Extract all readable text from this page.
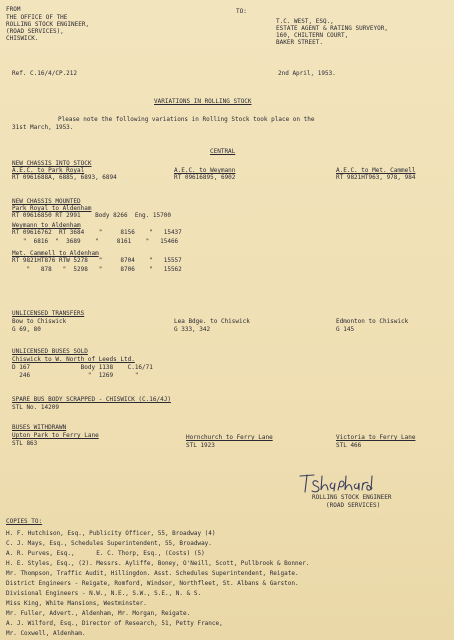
FROM
THE OFFICE OF THE
ROLLING STOCK ENGINEER,
(ROAD SERVICES),
CHISWICK.
TO:
T.C. WEST, ESQ.,
ESTATE AGENT & RATING SURVEYOR,
160, CHILTERN COURT,
BAKER STREET.
Ref. C.16/4/CP.212	2nd April, 1953.
VARIATIONS IN ROLLING STOCK
Please note the following variations in Rolling Stock took place on the
31st March, 1953.
CENTRAL
NEW CHASSIS INTO STOCK
A.E.C. to Park Royal
RT 0961688A, 6885, 6893, 6894
A.E.C. to Weymann
RT 09616895, 6902
A.E.C. to Met. Cammell
RT 9821HT963, 978, 984
NEW CHASSIS MOUNTED
Park Royal to Aldenham
RT 09616850 RT 2991    Body 8266  Eng. 15700
Weymann to Aldenham
RT 09616762  RT 3684    "     8156    "   15437
"  6816  "  3689    "     8161    "   15466
Met. Cammell to Aldenham
RT 9821HT876 RTW 5278   "     8704    "   15557
"   878   "  5298   "     8706    "   15562
UNLICENSED TRANSFERS
Bow to Chiswick
G 69, 80
Lea Bdge. to Chiswick
G 333, 342
Edmonton to Chiswick
G 145
UNLICENSED BUSES SOLD
Chiswick to W. North of Leeds Ltd.
D 167              Body 1138    C.16/71
246                "  1269      "
SPARE BUS BODY SCRAPPED - CHISWICK (C.16/4J)
STL No. 14209
BUSES WITHDRAWN
Upton Park to Ferry Lane
STL 863
Hornchurch to Ferry Lane
STL 1923
Victoria to Ferry Lane
STL 466
ROLLING STOCK ENGINEER
(ROAD SERVICES)
COPIES TO:
H. F. Hutchison, Esq., Publicity Officer, 55, Broadway (4)
C. J. Mays, Esq., Schedules Superintendent, 55, Broadway.
A. R. Purves, Esq.,      E. C. Thorp, Esq., (Costs) (5)
H. E. Styles, Esq., (2). Messrs. Ayliffe, Boney, O'Neill, Scott, Pullbrook & Bonner.
Mr. Thompson, Traffic Audit, Hillingdon. Asst. Schedules Superintendent, Reigate.
District Engineers - Reigate, Romford, Windsor, Northfleet, St. Albans & Garston.
Divisional Engineers - N.W., N.E., S.W., S.E., N. & S.
Miss King, White Mansions, Westminster.
Mr. Fuller, Advert., Aldenham, Mr. Morgan, Reigate.
A. J. Wilford, Esq., Director of Research, 51, Petty France,
Mr. Coxwell, Aldenham.
